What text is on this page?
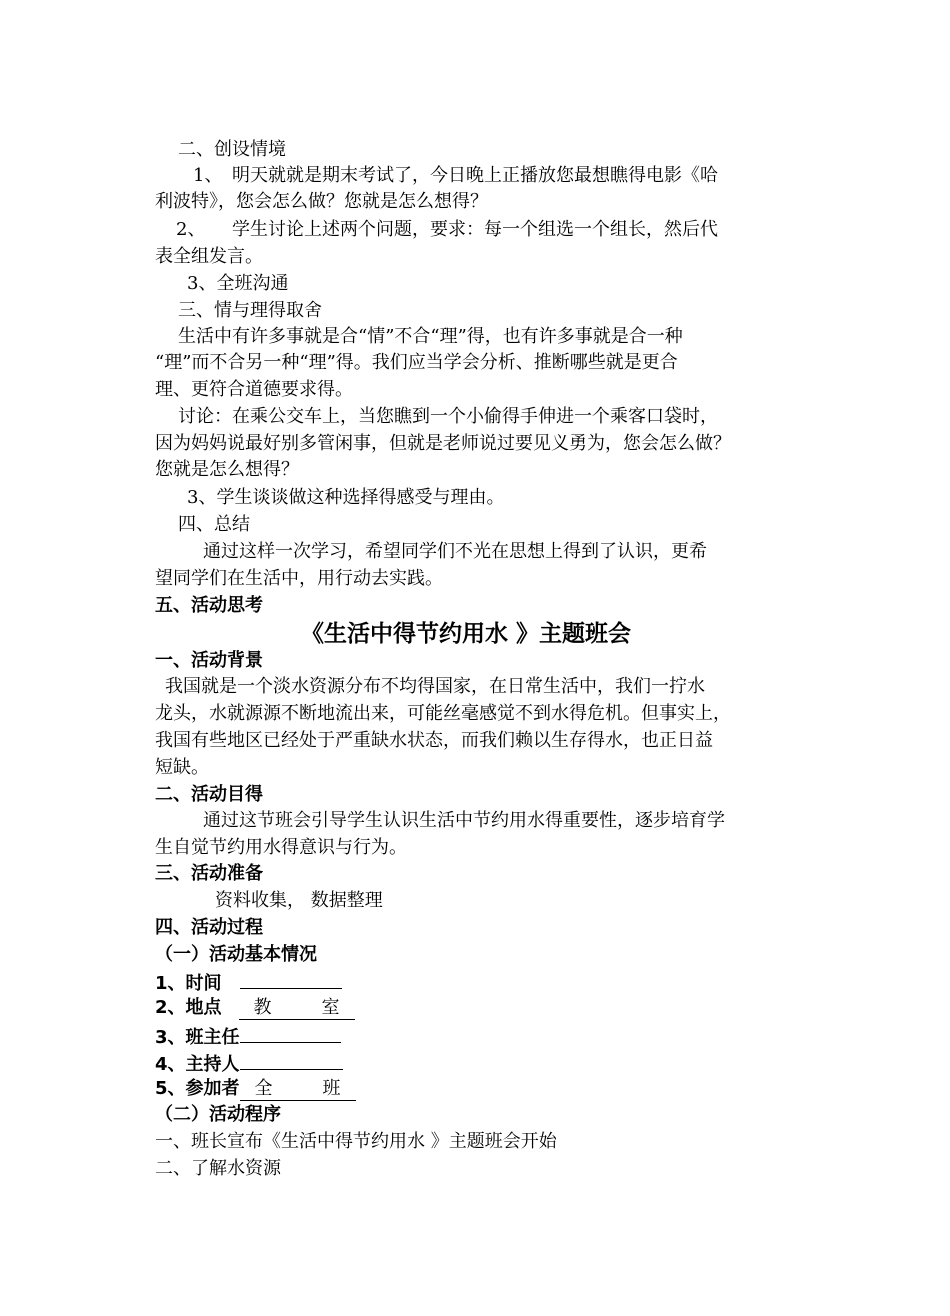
二、创设情境
1、 明天就就是期末考试了，今日晚上正播放您最想瞧得电影《哈
利波特》，您会怎么做？您就是怎么想得？
2、 学生讨论上述两个问题，要求：每一个组选一个组长，然后代
表全组发言。
3、全班沟通
三、情与理得取舍
生活中有许多事就是合“情”不合“理”得，也有许多事就是合一种
“理”而不合另一种“理”得。我们应当学会分析、推断哪些就是更合
理、更符合道德要求得。
讨论：在乘公交车上，当您瞧到一个小偷得手伸进一个乘客口袋时，
因为妈妈说最好别多管闲事，但就是老师说过要见义勇为，您会怎么做？
您就是怎么想得？
3、学生谈谈做这种选择得感受与理由。
四、总结
通过这样一次学习，希望同学们不光在思想上得到了认识，更希
望同学们在生活中，用行动去实践。
五、活动思考
《生活中得节约用水 》主题班会
一、活动背景
我国就是一个淡水资源分布不均得国家，在日常生活中，我们一拧水
龙头，水就源源不断地流出来，可能丝毫感觉不到水得危机。但事实上，
我国有些地区已经处于严重缺水状态，而我们赖以生存得水，也正日益
短缺。
二、活动目得
通过这节班会引导学生认识生活中节约用水得重要性，逐步培育学
生自觉节约用水得意识与行为。
三、活动准备
资料收集， 数据整理
四、活动过程
（一）活动基本情况
1、时间
2、地点 教	室
3、班主任
4、主持人
5、参加者 全	班
（二）活动程序
一、班长宣布《生活中得节约用水 》主题班会开始
二、了解水资源
